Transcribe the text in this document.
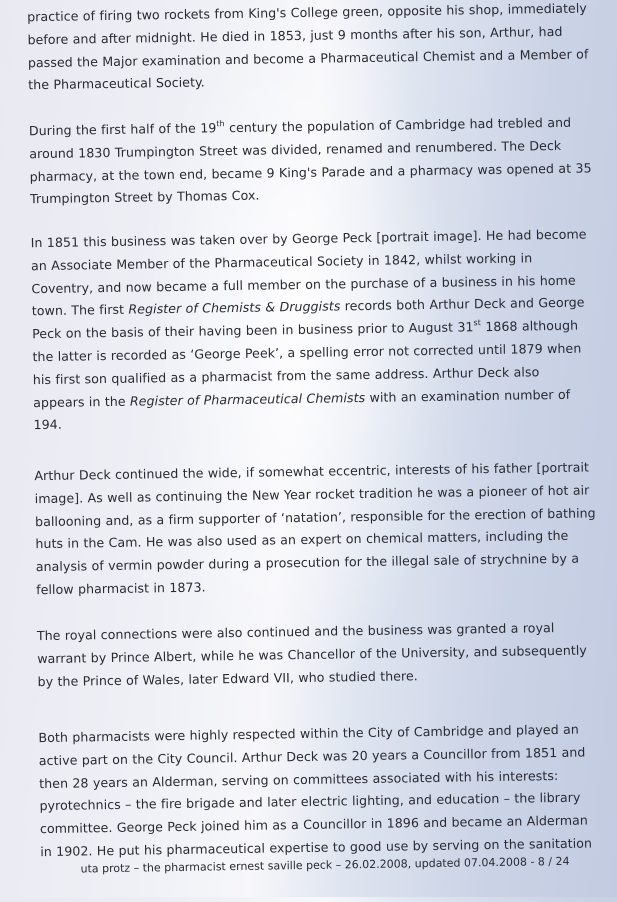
practice of firing two rockets from King's College green, opposite his shop, immediately before and after midnight. He died in 1853, just 9 months after his son, Arthur, had passed the Major examination and become a Pharmaceutical Chemist and a Member of the Pharmaceutical Society.

During the first half of the 19th century the population of Cambridge had trebled and around 1830 Trumpington Street was divided, renamed and renumbered. The Deck pharmacy, at the town end, became 9 King's Parade and a pharmacy was opened at 35 Trumpington Street by Thomas Cox.

In 1851 this business was taken over by George Peck [portrait image]. He had become an Associate Member of the Pharmaceutical Society in 1842, whilst working in Coventry, and now became a full member on the purchase of a business in his home town. The first Register of Chemists & Druggists records both Arthur Deck and George Peck on the basis of their having been in business prior to August 31st 1868 although the latter is recorded as ‘George Peek’, a spelling error not corrected until 1879 when his first son qualified as a pharmacist from the same address. Arthur Deck also appears in the Register of Pharmaceutical Chemists with an examination number of 194.

Arthur Deck continued the wide, if somewhat eccentric, interests of his father [portrait image]. As well as continuing the New Year rocket tradition he was a pioneer of hot air ballooning and, as a firm supporter of ‘natation’, responsible for the erection of bathing huts in the Cam. He was also used as an expert on chemical matters, including the analysis of vermin powder during a prosecution for the illegal sale of strychnine by a fellow pharmacist in 1873.

The royal connections were also continued and the business was granted a royal warrant by Prince Albert, while he was Chancellor of the University, and subsequently by the Prince of Wales, later Edward VII, who studied there.

Both pharmacists were highly respected within the City of Cambridge and played an active part on the City Council. Arthur Deck was 20 years a Councillor from 1851 and then 28 years an Alderman, serving on committees associated with his interests: pyrotechnics – the fire brigade and later electric lighting, and education – the library committee. George Peck joined him as a Councillor in 1896 and became an Alderman in 1902. He put his pharmaceutical expertise to good use by serving on the sanitation

uta protz – the pharmacist ernest saville peck – 26.02.2008, updated 07.04.2008 - 8 / 24
